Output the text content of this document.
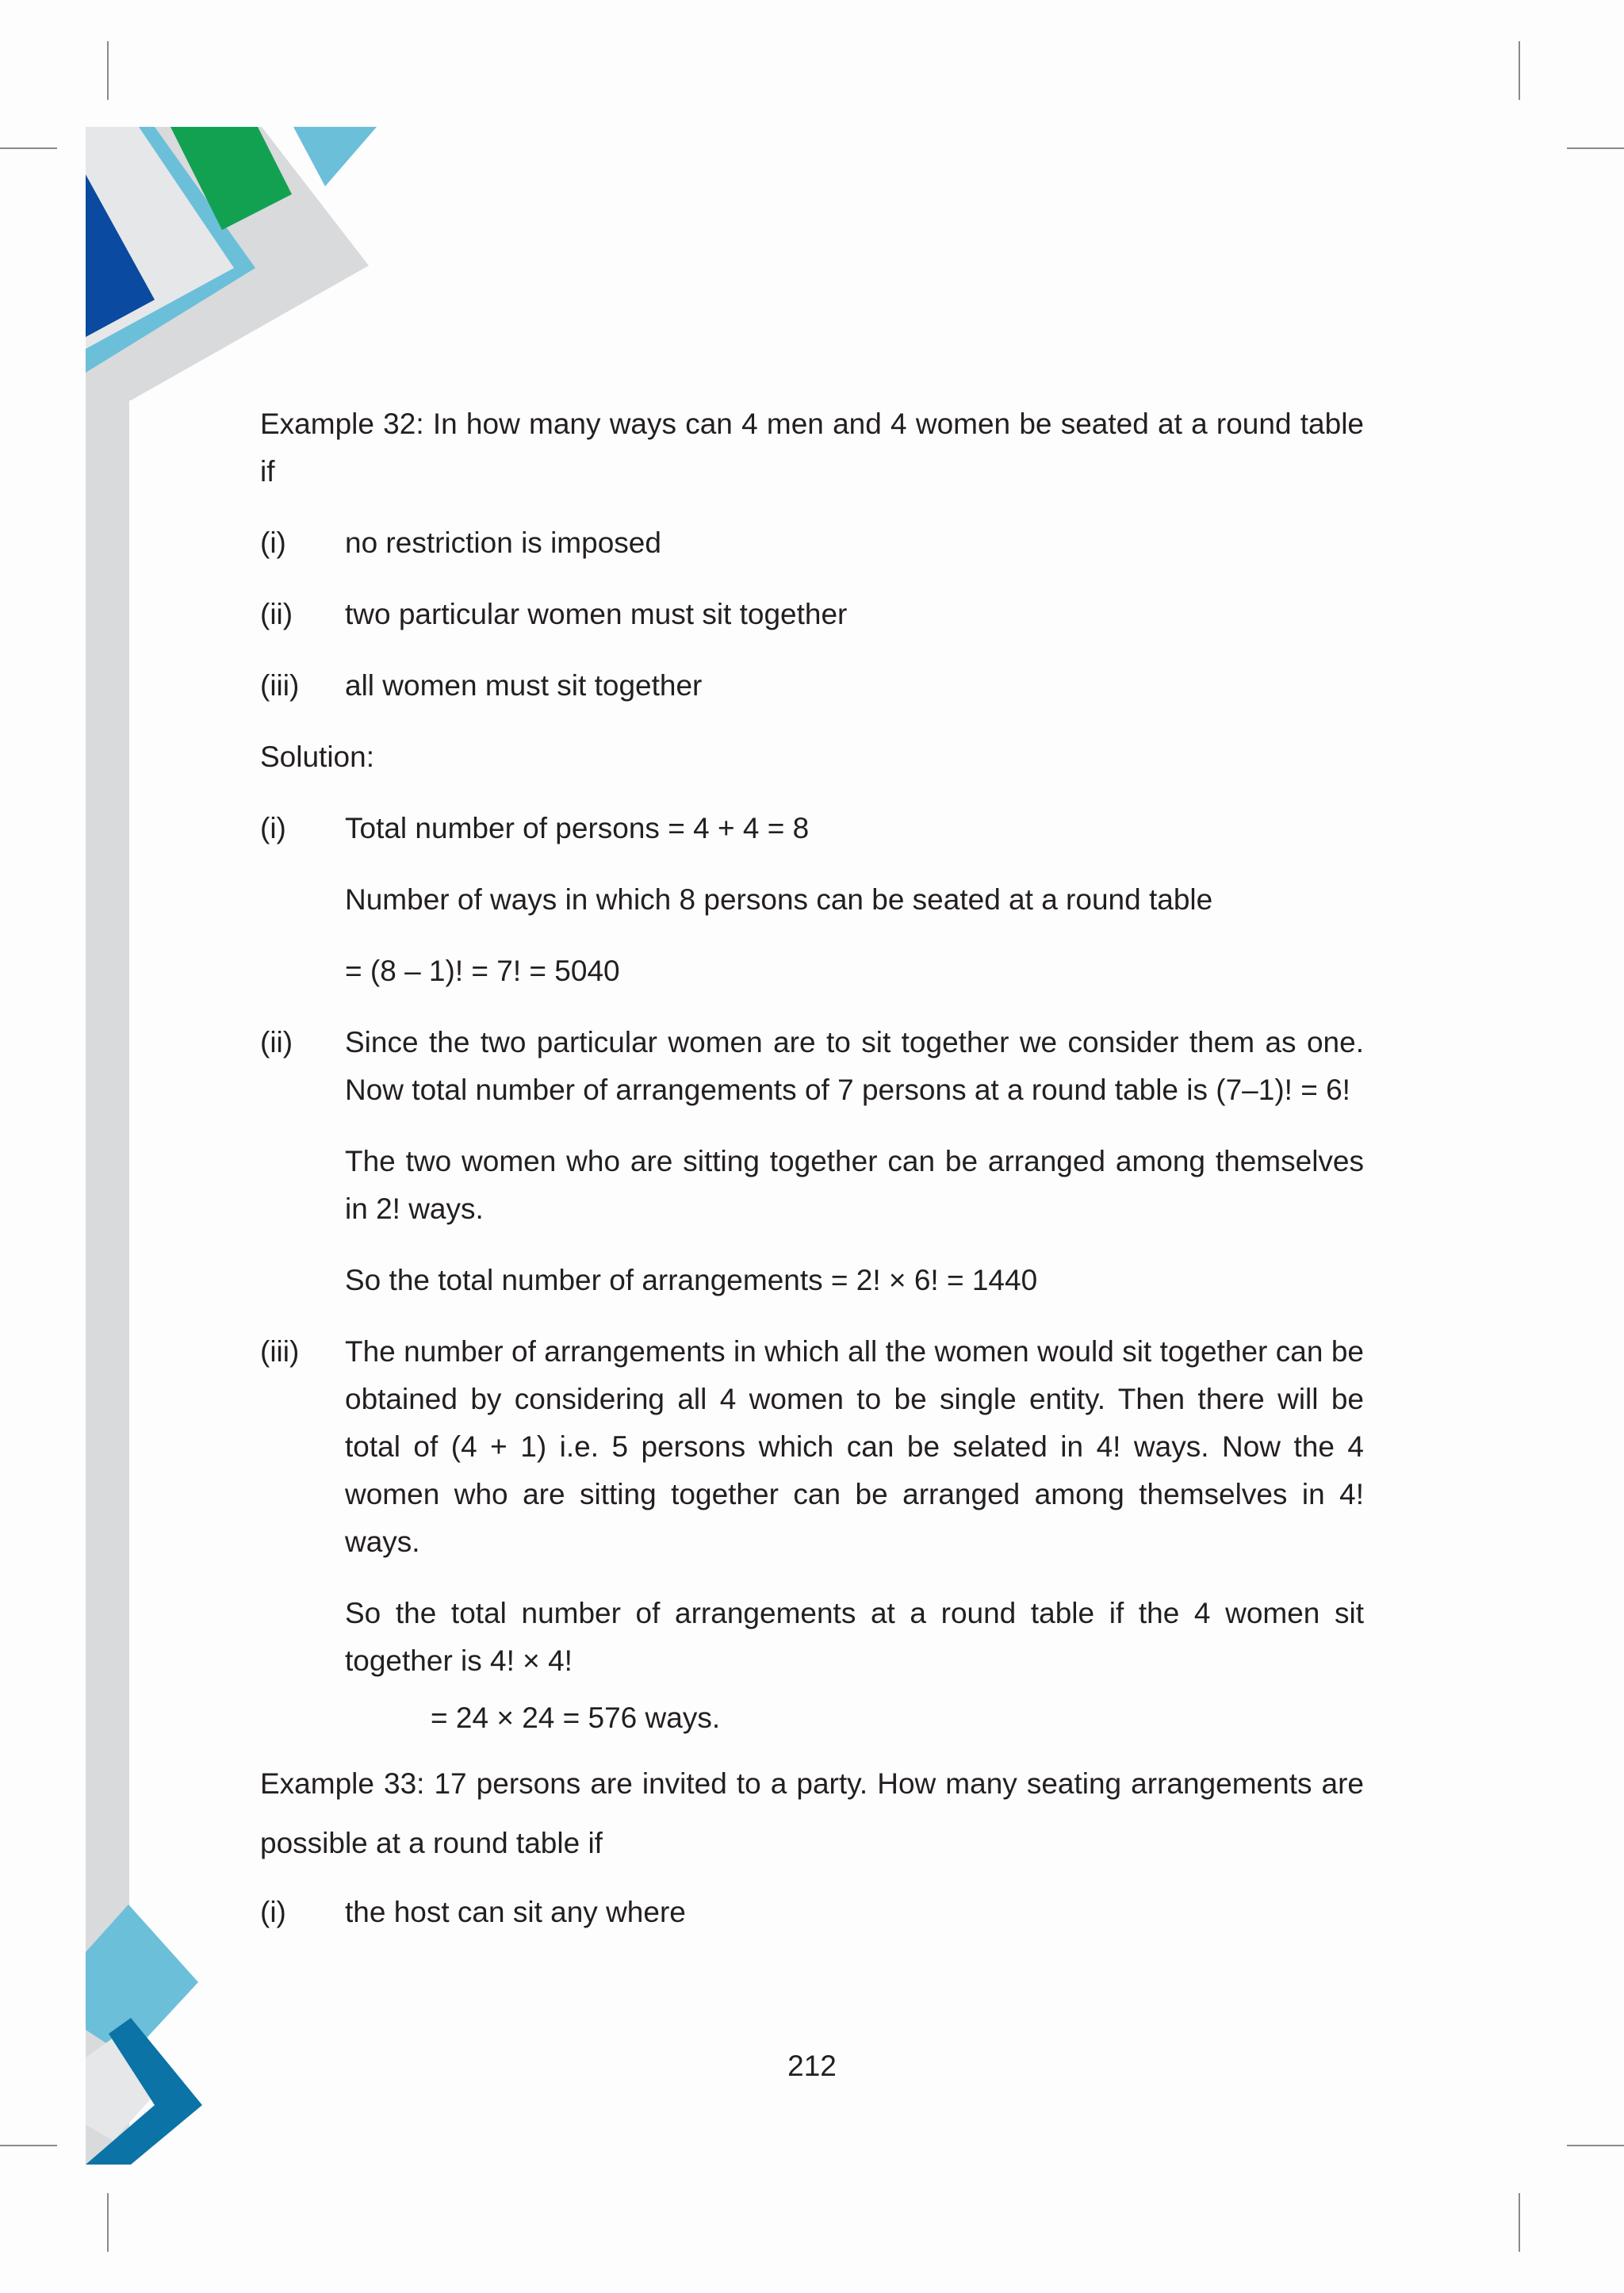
Example 32: In how many ways can 4 men and 4 women be seated at a round table if

(i)	no restriction is imposed
(ii)	two particular women must sit together
(iii)	all women must sit together

Solution:

(i)	Total number of persons = 4 + 4 = 8

Number of ways in which 8 persons can be seated at a round table

= (8 – 1)! = 7! = 5040

(ii)	Since the two particular women are to sit together we consider them as one. Now total number of arrangements of 7 persons at a round table is (7–1)! = 6!

The two women who are sitting together can be arranged among themselves in 2! ways.

So the total number of arrangements = 2! × 6! = 1440

(iii)	The number of arrangements in which all the women would sit together can be obtained by considering all 4 women to be single entity. Then there will be total of (4 + 1) i.e. 5 persons which can be selated in 4! ways. Now the 4 women who are sitting together can be arranged among themselves in 4! ways.

So the total number of arrangements at a round table if the 4 women sit together is 4! × 4!

= 24 × 24 = 576 ways.

Example 33: 17 persons are invited to a party. How many seating arrangements are possible at a round table if

(i)	the host can sit any where
212
